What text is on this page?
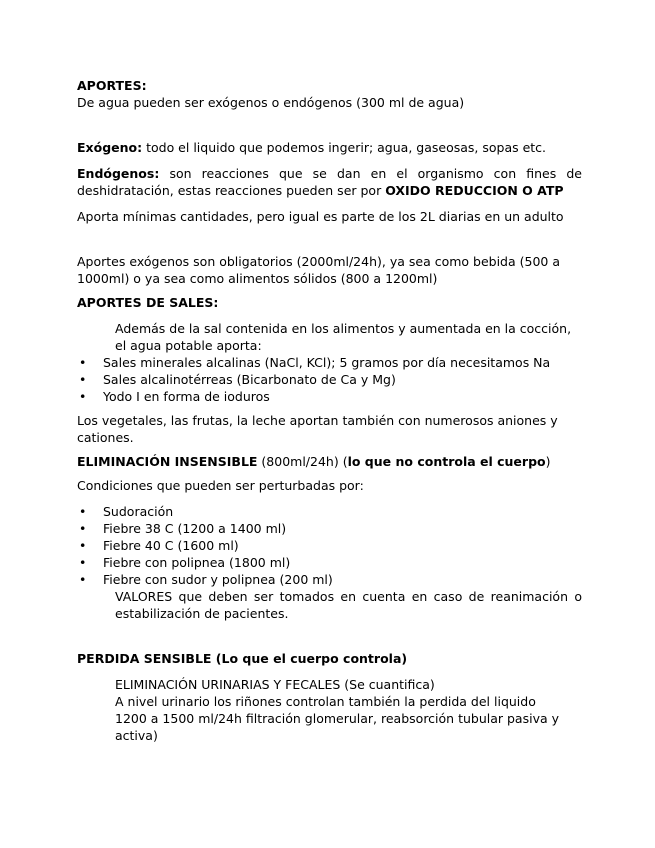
APORTES:

De agua pueden ser exógenos o endógenos (300 ml de agua)

Exógeno: todo el liquido que podemos ingerir; agua, gaseosas, sopas etc.

Endógenos: son reacciones que se dan en el organismo con fines de deshidratación, estas reacciones pueden ser por OXIDO REDUCCION O ATP

Aporta mínimas cantidades, pero igual es parte de los 2L diarias en un adulto

Aportes exógenos son obligatorios (2000ml/24h), ya sea como bebida (500 a 1000ml) o ya sea como alimentos sólidos (800 a 1200ml)

APORTES DE SALES:

Además de la sal contenida en los alimentos y aumentada en la cocción, el agua potable aporta:

• Sales minerales alcalinas (NaCl, KCl); 5 gramos por día necesitamos Na
• Sales alcalinotérreas (Bicarbonato de Ca y Mg)
• Yodo I en forma de ioduros

Los vegetales, las frutas, la leche aportan también con numerosos aniones y cationes.

ELIMINACIÓN INSENSIBLE (800ml/24h) (lo que no controla el cuerpo)

Condiciones que pueden ser perturbadas por:

• Sudoración
• Fiebre 38 C (1200 a 1400 ml)
• Fiebre 40 C (1600 ml)
• Fiebre con polipnea (1800 ml)
• Fiebre con sudor y polipnea (200 ml)

VALORES que deben ser tomados en cuenta en caso de reanimación o estabilización de pacientes.

PERDIDA SENSIBLE (Lo que el cuerpo controla)

ELIMINACIÓN URINARIAS Y FECALES (Se cuantifica)

A nivel urinario los riñones controlan también la perdida del liquido

1200 a 1500 ml/24h filtración glomerular, reabsorción tubular pasiva y activa)
